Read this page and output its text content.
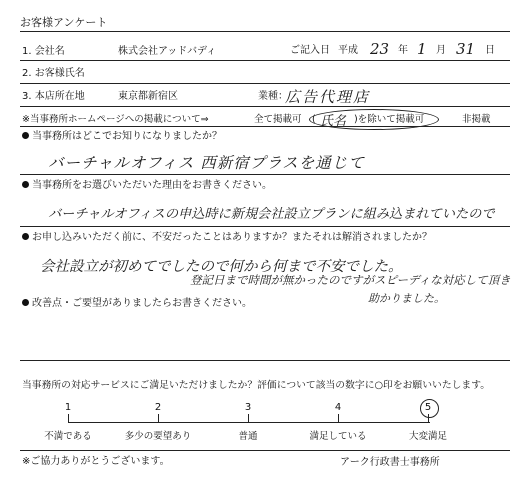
お客様アンケート
ご記入日 平成 23 年 1 月 31 日
1. 会社名	株式会社アッドバディ
2. お客様氏名
3. 本店所在地	東京都新宿区	業種：
広告代理店
※当事務所ホームページへの掲載について⇒	全て掲載可 ( 氏名 )を除いて掲載可	非掲載
当事務所はどこでお知りになりましたか？
バーチャルオフィス 西新宿プラスを通じて
当事務所をお選びいただいた理由をお書きください。
バーチャルオフィスの申込時に新規会社設立プランに組み込まれていたので
お申し込みいただく前に、不安だったことはありますか？またそれは解消されましたか？
会社設立が初めてでしたので何から何まで不安でした。
登記日まで時間が無かったのですがスピーディな対応して頂き
助かりました。
改善点・ご要望がありましたらお書きください。
当事務所の対応サービスにご満足いただけましたか？評価について該当の数字に○印をお願いいたします。
1
不満である
2
多少の要望あり
3
普通
4
満足している
5
大変満足
※ご協力ありがとうございます。	アーク行政書士事務所
